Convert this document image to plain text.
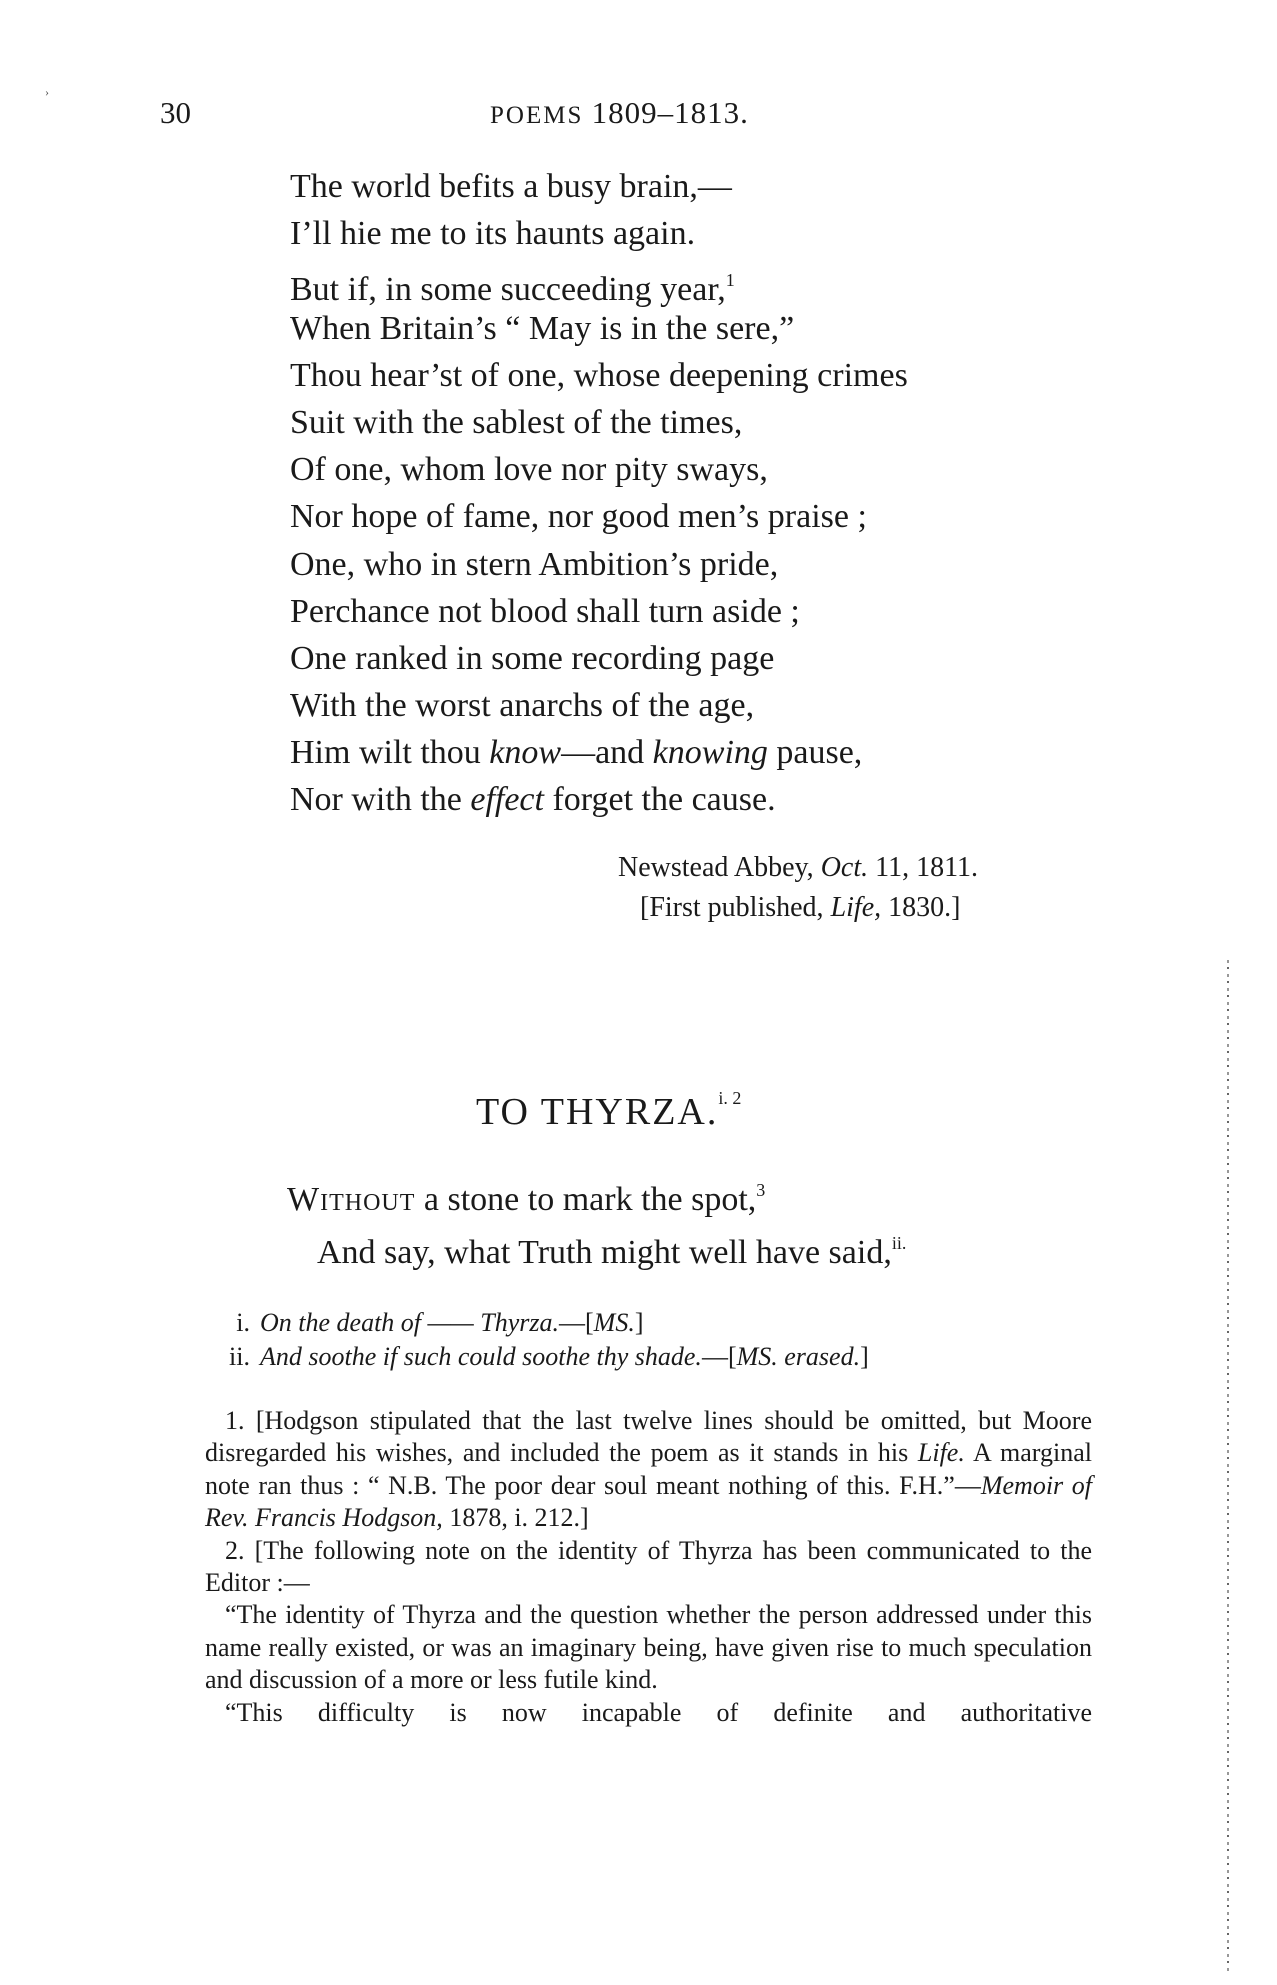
›
30	POEMS 1809–1813.
The world befits a busy brain,—
I’ll hie me to its haunts again.
But if, in some succeeding year,$^1$
When Britain’s “ May is in the sere,”
Thou hear’st of one, whose deepening crimes
Suit with the sablest of the times,
Of one, whom love nor pity sways,
Nor hope of fame, nor good men’s praise ;
One, who in stern Ambition’s pride,
Perchance not blood shall turn aside ;
One ranked in some recording page
With the worst anarchs of the age,
Him wilt thou know—and knowing pause,
Nor with the effect forget the cause.
Newstead Abbey, Oct. 11, 1811.
[First published, Life, 1830.]
TO THYRZA.$^{i. 2}$
Without a stone to mark the spot,$^3$
And say, what Truth might well have said,$^{ii.}$
i. On the death of —— Thyrza.—[MS.]
ii. And soothe if such could soothe thy shade.—[MS. erased.]

1. [Hodgson stipulated that the last twelve lines should be omitted, but Moore disregarded his wishes, and included the poem as it stands in his Life. A marginal note ran thus : “ N.B. The poor dear soul meant nothing of this. F.H.”—Memoir of Rev. Francis Hodgson, 1878, i. 212.]

2. [The following note on the identity of Thyrza has been communicated to the Editor :—

“The identity of Thyrza and the question whether the person addressed under this name really existed, or was an imaginary being, have given rise to much speculation and discussion of a more or less futile kind.

“This difficulty is now incapable of definite and authoritative
